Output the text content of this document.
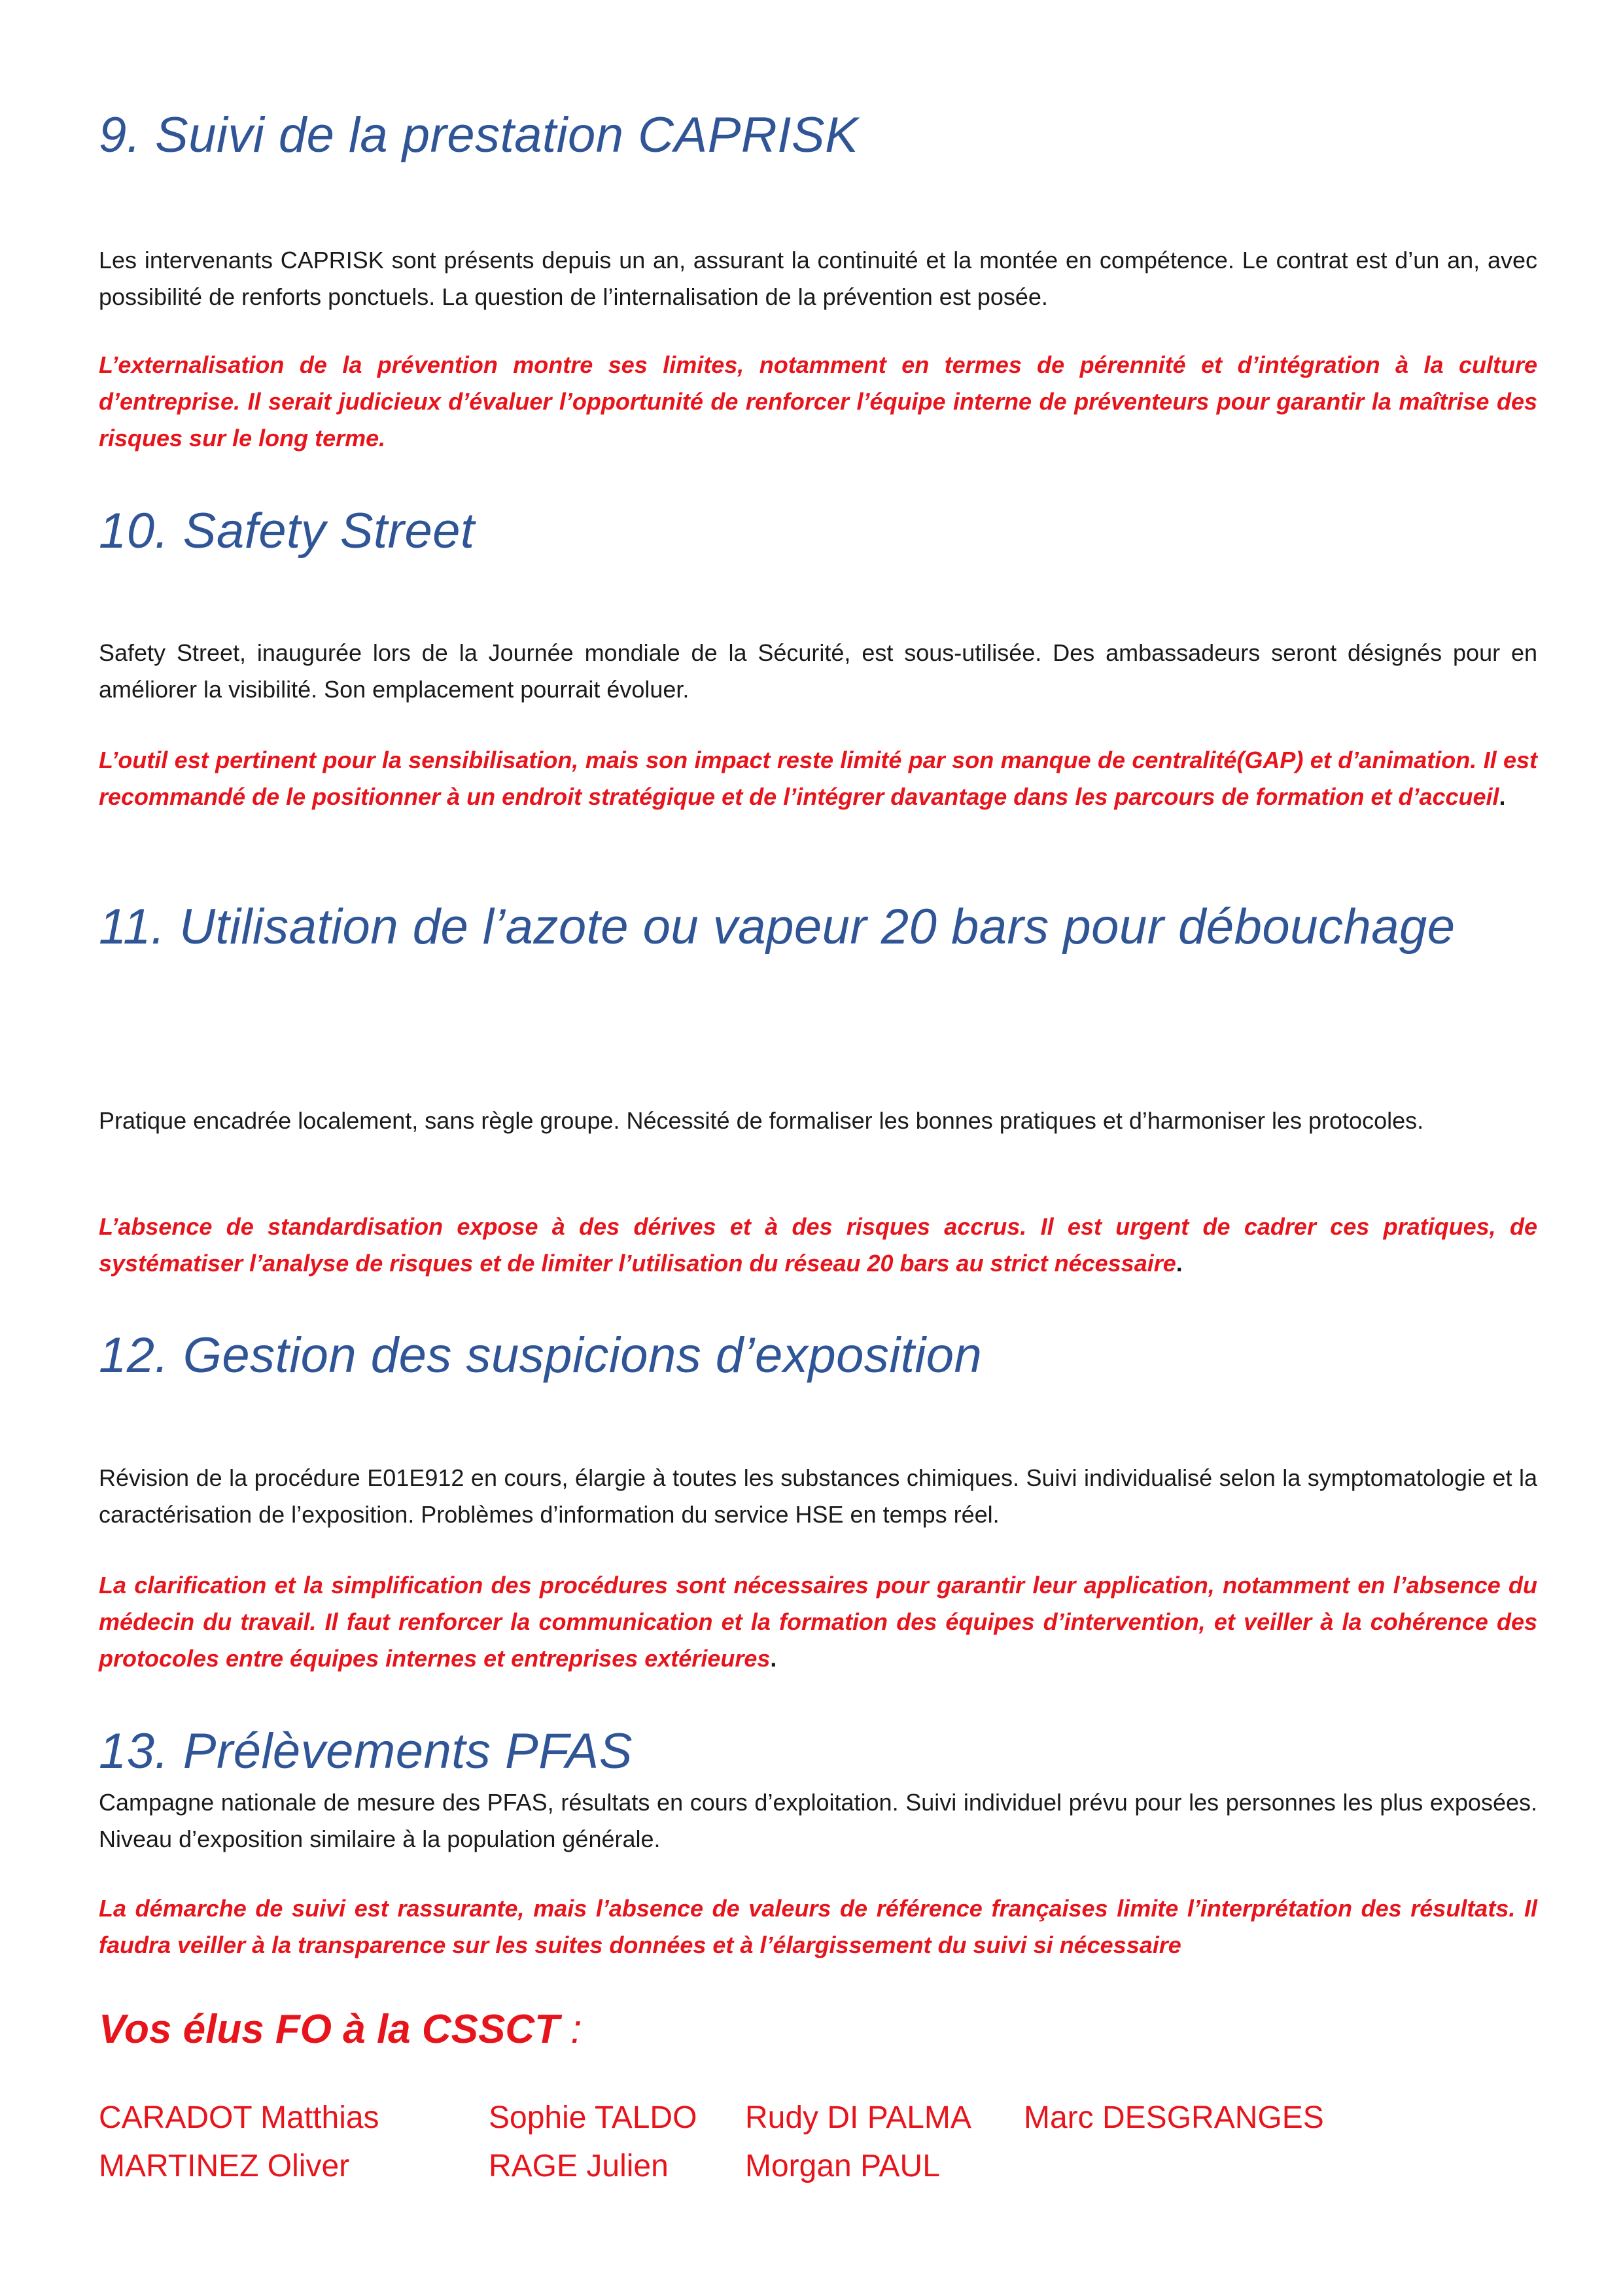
9. Suivi de la prestation CAPRISK

Les intervenants CAPRISK sont présents depuis un an, assurant la continuité et la montée en compétence. Le contrat est d’un an, avec possibilité de renforts ponctuels. La question de l’internalisation de la prévention est posée.

L’externalisation de la prévention montre ses limites, notamment en termes de pérennité et d’intégration à la culture d’entreprise. Il serait judicieux d’évaluer l’opportunité de renforcer l’équipe interne de préventeurs pour garantir la maîtrise des risques sur le long terme.

10. Safety Street

Safety Street, inaugurée lors de la Journée mondiale de la Sécurité, est sous-utilisée. Des ambassadeurs seront désignés pour en améliorer la visibilité. Son emplacement pourrait évoluer.

L’outil est pertinent pour la sensibilisation, mais son impact reste limité par son manque de centralité(GAP) et d’animation. Il est recommandé de le positionner à un endroit stratégique et de l’intégrer davantage dans les parcours de formation et d’accueil.

11. Utilisation de l’azote ou vapeur 20 bars pour débouchage

Pratique encadrée localement, sans règle groupe. Nécessité de formaliser les bonnes pratiques et d’harmoniser les protocoles.

L’absence de standardisation expose à des dérives et à des risques accrus. Il est urgent de cadrer ces pratiques, de systématiser l’analyse de risques et de limiter l’utilisation du réseau 20 bars au strict nécessaire.

12. Gestion des suspicions d’exposition

Révision de la procédure E01E912 en cours, élargie à toutes les substances chimiques. Suivi individualisé selon la symptomatologie et la caractérisation de l’exposition. Problèmes d’information du service HSE en temps réel.

La clarification et la simplification des procédures sont nécessaires pour garantir leur application, notamment en l’absence du médecin du travail. Il faut renforcer la communication et la formation des équipes d’intervention, et veiller à la cohérence des protocoles entre équipes internes et entreprises extérieures.

13. Prélèvements PFAS

Campagne nationale de mesure des PFAS, résultats en cours d’exploitation. Suivi individuel prévu pour les personnes les plus exposées. Niveau d’exposition similaire à la population générale.

La démarche de suivi est rassurante, mais l’absence de valeurs de référence françaises limite l’interprétation des résultats. Il faudra veiller à la transparence sur les suites données et à l’élargissement du suivi si nécessaire

Vos élus FO à la CSSCT :

CARADOT Matthias	Sophie TALDO Rudy DI PALMA Marc DESGRANGES
MARTINEZ Oliver	RAGE Julien Morgan PAUL
